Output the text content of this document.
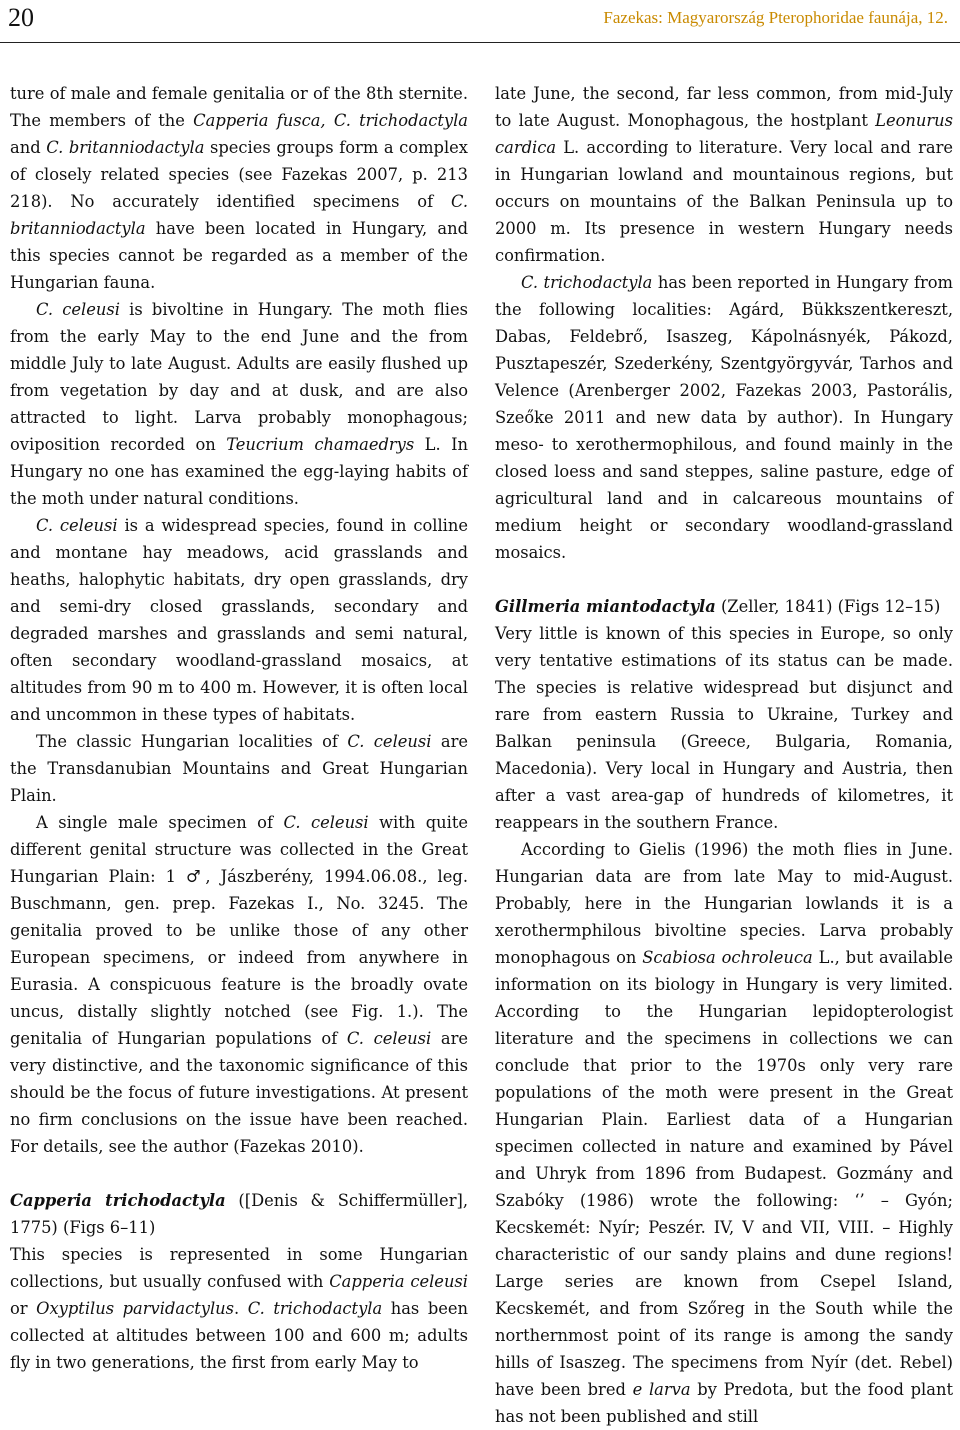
20	Fazekas: Magyarország Pterophoridae faunája, 12.

ture of male and female genitalia or of the 8th sternite. The members of the Capperia fusca, C. trichodactyla and C. britanniodactyla species groups form a complex of closely related species (see Fazekas 2007, p. 213 218). No accurately identified specimens of C. britanniodactyla have been located in Hungary, and this species cannot be regarded as a member of the Hungarian fauna.

C. celeusi is bivoltine in Hungary. The moth flies from the early May to the end June and the from middle July to late August. Adults are easily flushed up from vegetation by day and at dusk, and are also attracted to light. Larva probably monophagous; oviposition recorded on Teucrium chamaedrys L. In Hungary no one has examined the egg-laying habits of the moth under natural conditions.

C. celeusi is a widespread species, found in colline and montane hay meadows, acid grasslands and heaths, halophytic habitats, dry open grasslands, dry and semi-dry closed grasslands, secondary and degraded marshes and grasslands and semi natural, often secondary woodland-grassland mosaics, at altitudes from 90 m to 400 m. However, it is often local and uncommon in these types of habitats.

The classic Hungarian localities of C. celeusi are the Transdanubian Mountains and Great Hungarian Plain.

A single male specimen of C. celeusi with quite different genital structure was collected in the Great Hungarian Plain: 1 ♂, Jászberény, 1994.06.08., leg. Buschmann, gen. prep. Fazekas I., No. 3245. The genitalia proved to be unlike those of any other European specimens, or indeed from anywhere in Eurasia. A conspicuous feature is the broadly ovate uncus, distally slightly notched (see Fig. 1.). The genitalia of Hungarian populations of C. celeusi are very distinctive, and the taxonomic significance of this should be the focus of future investigations. At present no firm conclusions on the issue have been reached. For details, see the author (Fazekas 2010).

Capperia trichodactyla ([Denis & Schiffermüller], 1775) (Figs 6–11)

This species is represented in some Hungarian collections, but usually confused with Capperia celeusi or Oxyptilus parvidactylus. C. trichodactyla has been collected at altitudes between 100 and 600 m; adults fly in two generations, the first from early May to

late June, the second, far less common, from mid-July to late August. Monophagous, the hostplant Leonurus cardica L. according to literature. Very local and rare in Hungarian lowland and mountainous regions, but occurs on mountains of the Balkan Peninsula up to 2000 m. Its presence in western Hungary needs confirmation.

C. trichodactyla has been reported in Hungary from the following localities: Agárd, Bükkszentkereszt, Dabas, Feldebrő, Isaszeg, Kápolnásnyék, Pákozd, Pusztapeszér, Szederkény, Szentgyörgyvár, Tarhos and Velence (Arenberger 2002, Fazekas 2003, Pastorális, Szeőke 2011 and new data by author). In Hungary meso- to xerothermophilous, and found mainly in the closed loess and sand steppes, saline pasture, edge of agricultural land and in calcareous mountains of medium height or secondary woodland-grassland mosaics.

Gillmeria miantodactyla (Zeller, 1841) (Figs 12–15)

Very little is known of this species in Europe, so only very tentative estimations of its status can be made. The species is relative widespread but disjunct and rare from eastern Russia to Ukraine, Turkey and Balkan peninsula (Greece, Bulgaria, Romania, Macedonia). Very local in Hungary and Austria, then after a vast area-gap of hundreds of kilometres, it reappears in the southern France.

According to Gielis (1996) the moth flies in June. Hungarian data are from late May to mid-August. Probably, here in the Hungarian lowlands it is a xerothermphilous bivoltine species. Larva probably monophagous on Scabiosa ochroleuca L., but available information on its biology in Hungary is very limited. According to the Hungarian lepidopterologist literature and the specimens in collections we can conclude that prior to the 1970s only very rare populations of the moth were present in the Great Hungarian Plain. Earliest data of a Hungarian specimen collected in nature and examined by Pável and Uhryk from 1896 from Budapest. Gozmány and Szabóky (1986) wrote the following: ‘’ – Gyón; Kecskemét: Nyír; Peszér. IV, V and VII, VIII. – Highly characteristic of our sandy plains and dune regions! Large series are known from Csepel Island, Kecskemét, and from Szőreg in the South while the northernmost point of its range is among the sandy hills of Isaszeg. The specimens from Nyír (det. Rebel) have been bred e larva by Predota, but the food plant has not been published and still
